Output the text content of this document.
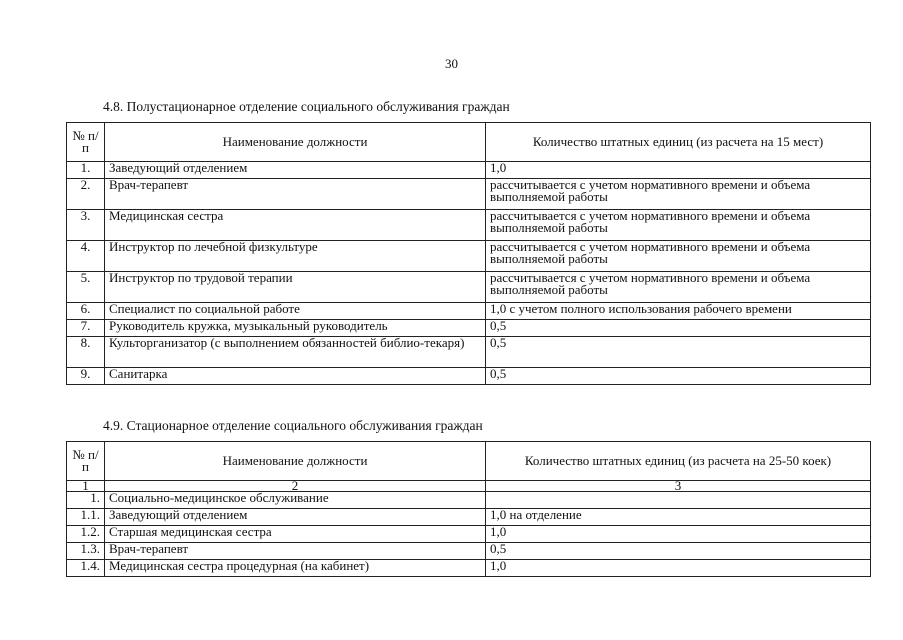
30
4.8. Полустационарное отделение социального обслуживания граждан
№ п/п	Наименование должности	Количество штатных единиц (из расчета на 15 мест)
1.	Заведующий отделением	1,0
2.	Врач-терапевт	рассчитывается с учетом нормативного времени и объема выполняемой работы
3.	Медицинская сестра	рассчитывается с учетом нормативного времени и объема выполняемой работы
4.	Инструктор по лечебной физкультуре	рассчитывается с учетом нормативного времени и объема выполняемой работы
5.	Инструктор по трудовой терапии	рассчитывается с учетом нормативного времени и объема выполняемой работы
6.	Специалист по социальной работе	1,0 с учетом полного использования рабочего времени
7.	Руководитель кружка, музыкальный руководитель	0,5
8.	Культорганизатор (с выполнением обязанностей библио-текаря)	0,5
9.	Санитарка	0,5
4.9. Стационарное отделение социального обслуживания граждан
№ п/п	Наименование должности	Количество штатных единиц (из расчета на 25-50 коек)
1	2	3
1.	Социально-медицинское обслуживание	
1.1.	Заведующий отделением	1,0 на отделение
1.2.	Старшая медицинская сестра	1,0
1.3.	Врач-терапевт	0,5
1.4.	Медицинская сестра процедурная (на кабинет)	1,0
